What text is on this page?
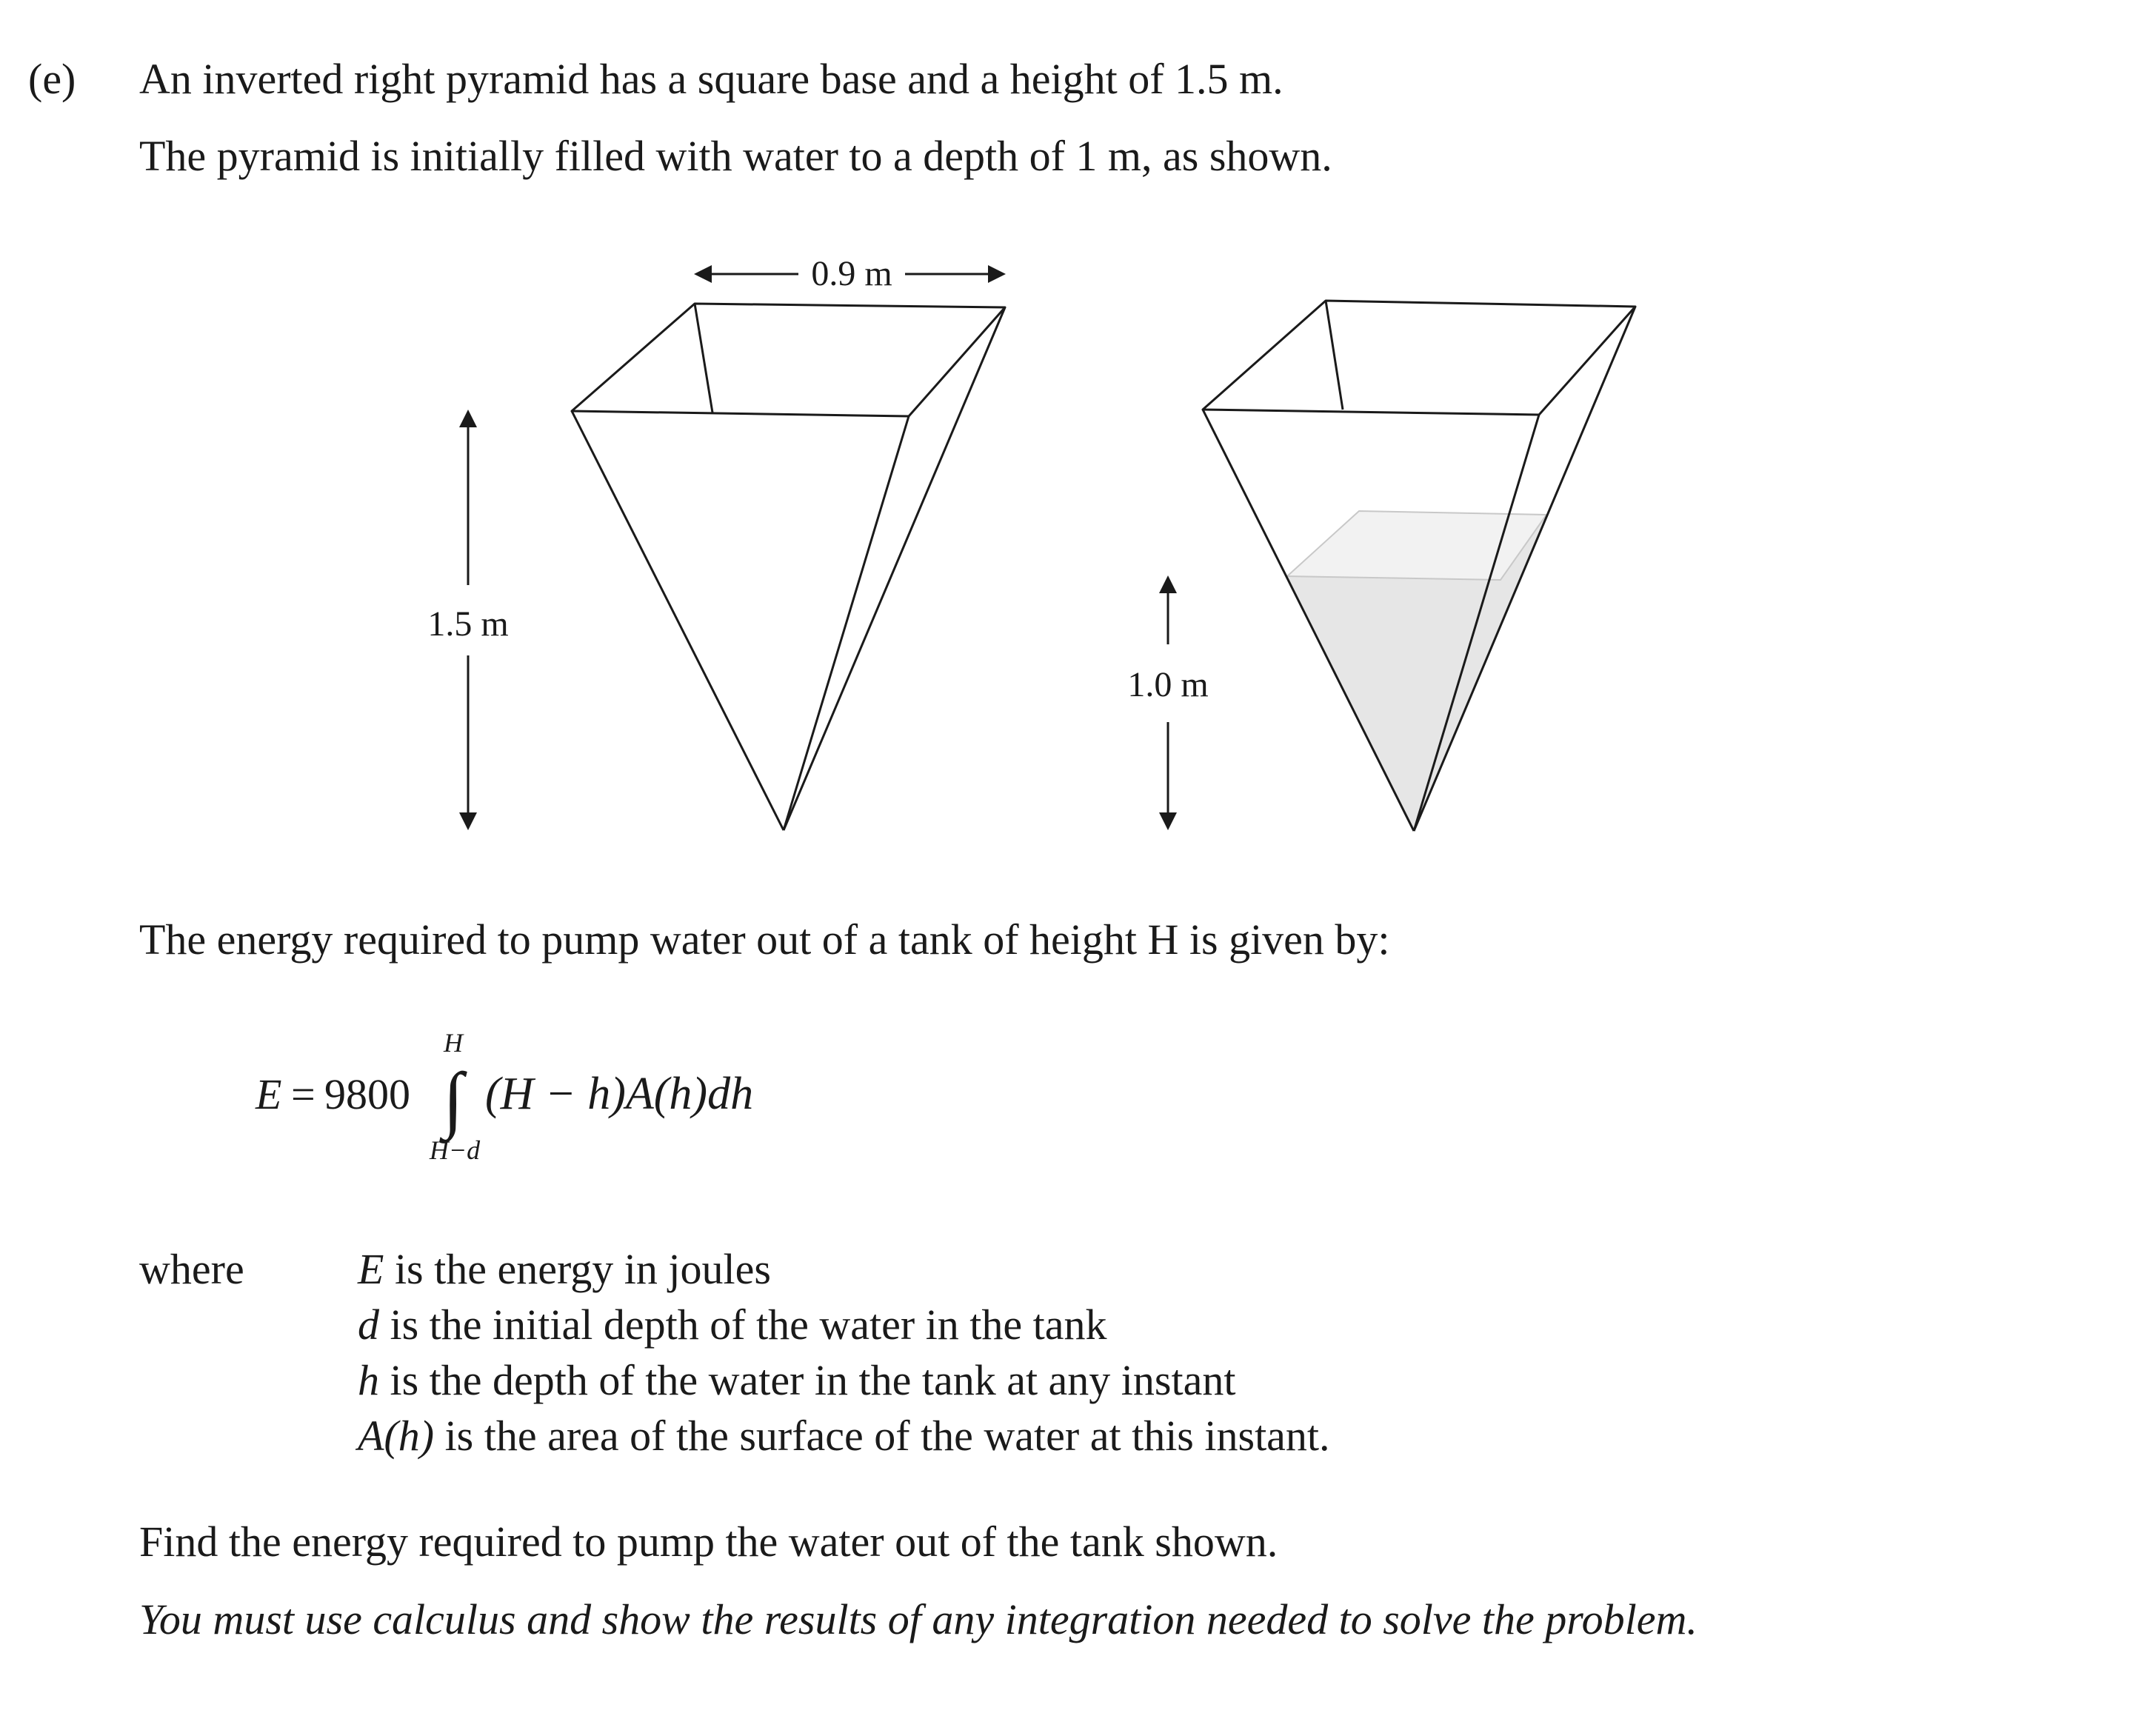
(e) An inverted right pyramid has a square base and a height of 1.5 m.
The pyramid is initially filled with water to a depth of 1 m, as shown.
0.9 m
1.5 m
1.0 m
E = 9800
H
∫
H−d
(H − h)A(h)dh
The energy required to pump water out of a tank of height H is given by:
where	E is the energy in joules
d is the initial depth of the water in the tank
h is the depth of the water in the tank at any instant
A(h) is the area of the surface of the water at this instant.
Find the energy required to pump the water out of the tank shown.
You must use calculus and show the results of any integration needed to solve the problem.
